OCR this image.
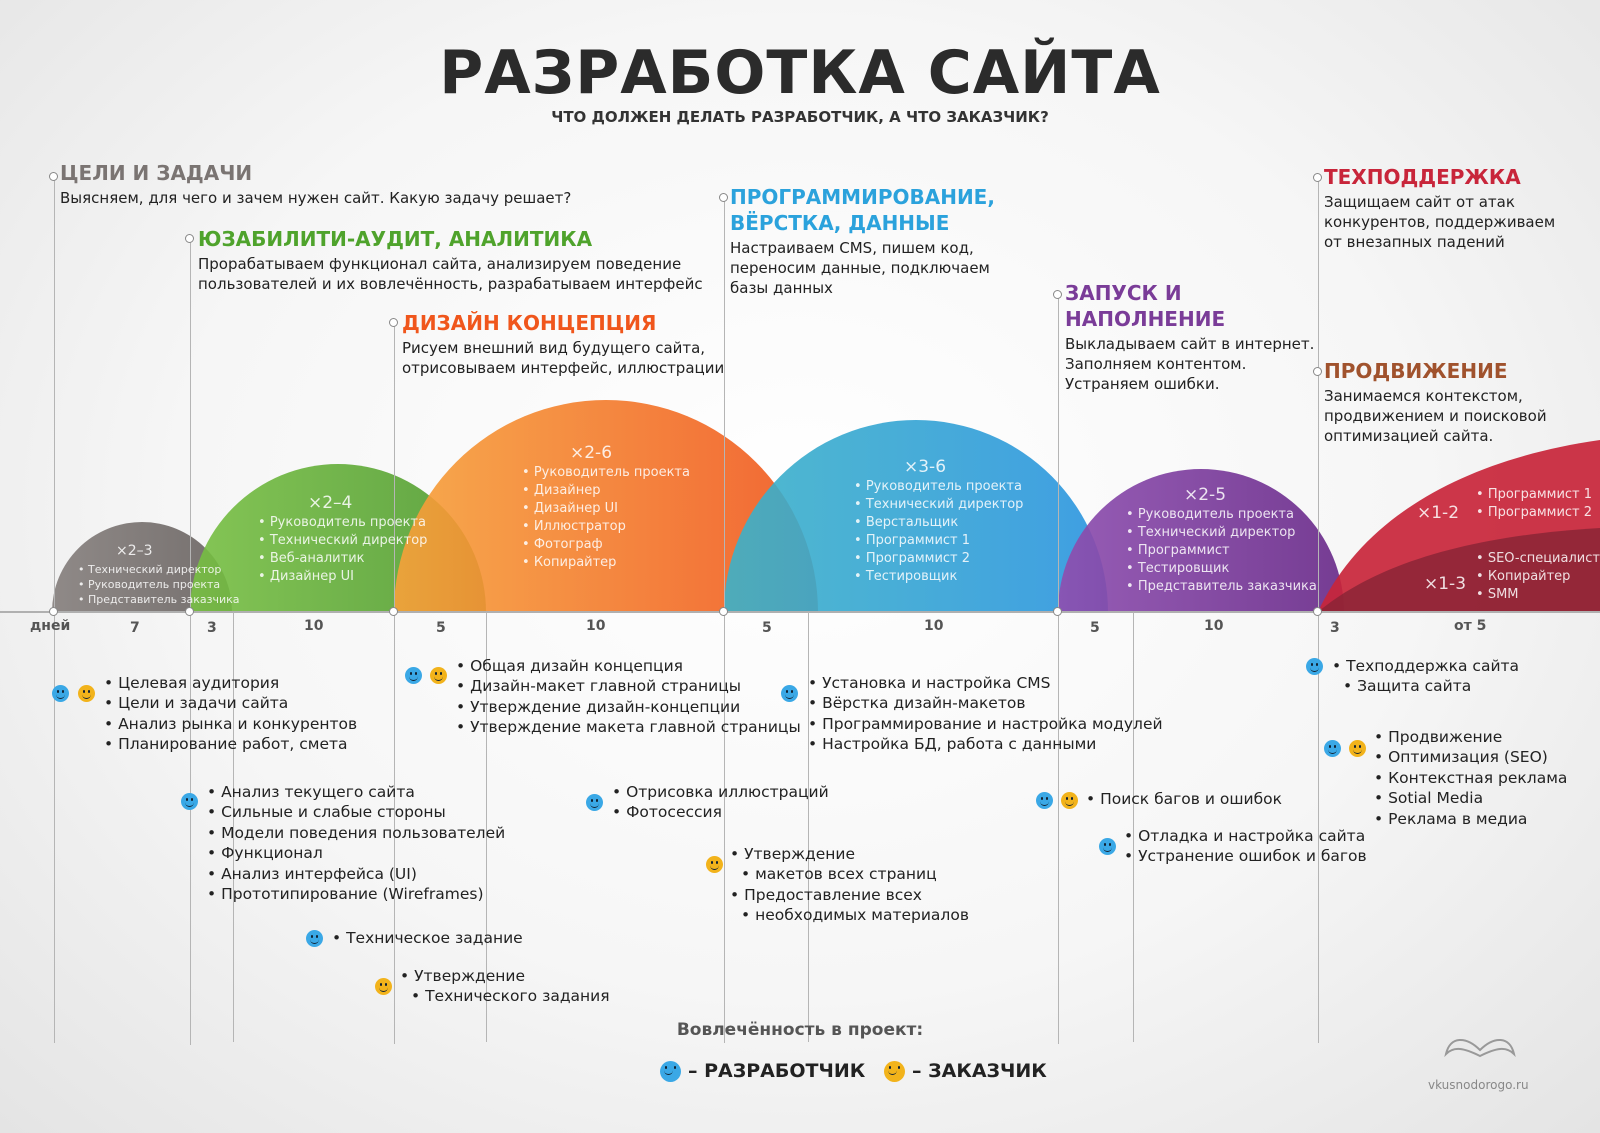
РАЗРАБОТКА САЙТА
ЧТО ДОЛЖЕН ДЕЛАТЬ РАЗРАБОТЧИК, А ЧТО ЗАКАЗЧИК?
ЦЕЛИ И ЗАДАЧИ

Выясняем, для чего и зачем нужен сайт. Какую задачу решает?

ЮЗАБИЛИТИ-АУДИТ, АНАЛИТИКА

Прорабатываем функционал сайта, анализируем поведение пользователей и их вовлечённость, разрабатываем интерфейс

ДИЗАЙН КОНЦЕПЦИЯ

Рисуем внешний вид будущего сайта, отрисовываем интерфейс, иллюстрации

ПРОГРАММИРОВАНИЕ, ВЁРСТКА, ДАННЫЕ

Настраиваем CMS, пишем код, переносим данные, подключаем базы данных	ЗАПУСК И НАПОЛНЕНИЕ

Выкладываем сайт в интернет. Заполняем контентом. Устраняем ошибки.

ТЕХПОДДЕРЖКА

Защищаем сайт от атак конкурентов, поддерживаем от внезапных падений

ПРОДВИЖЕНИЕ

Занимаемся контекстом, продвижением и поисковой оптимизацией сайта.

×2–3
• Технический директор
• Руководитель проекта
• Представитель заказчика
×2–4
• Руководитель проекта
• Технический директор
• Веб-аналитик
• Дизайнер UI
×2-6
• Руководитель проекта
• Дизайнер
• Дизайнер UI
• Иллюстратор
• Фотограф
• Копирайтер
×3-6
• Руководитель проекта
• Технический директор
• Верстальщик
• Программист 1
• Программист 2
• Тестировщик
×2-5
• Руководитель проекта
• Технический директор
• Программист
• Тестировщик
• Представитель заказчика
×1-2
• Программист 1
• Программист 2
×1-3
• SEO-специалист
• Копирайтер
• SMM
дней	7	3	10	5	10	5	10	5	10	3	от 5
• Целевая аудитория
• Цели и задачи сайта
• Анализ рынка и конкурентов
• Планирование работ, смета
• Анализ текущего сайта
• Сильные и слабые стороны
• Модели поведения пользователей
• Функционал
• Анализ интерфейса (UI)
• Прототипирование (Wireframes)
• Техническое задание
• Утверждение
• Технического задания
• Общая дизайн концепция
• Дизайн-макет главной страницы
• Утверждение дизайн-концепции
• Утверждение макета главной страницы
• Отрисовка иллюстраций
• Фотосессия
• Утверждение
• макетов всех страниц
• Предоставление всех
• необходимых материалов
• Установка и настройка CMS
• Вёрстка дизайн-макетов
• Программирование и настройка модулей
• Настройка БД, работа с данными
• Поиск багов и ошибок
• Отладка и настройка сайта
• Устранение ошибок и багов
• Техподдержка сайта
• Защита сайта
• Продвижение
• Оптимизация (SEO)
• Контекстная реклама
• Sotial Media
• Реклама в медиа
Вовлечённость в проект:
– РАЗРАБОТЧИК – ЗАКАЗЧИК
vkusnodorogo.ru
